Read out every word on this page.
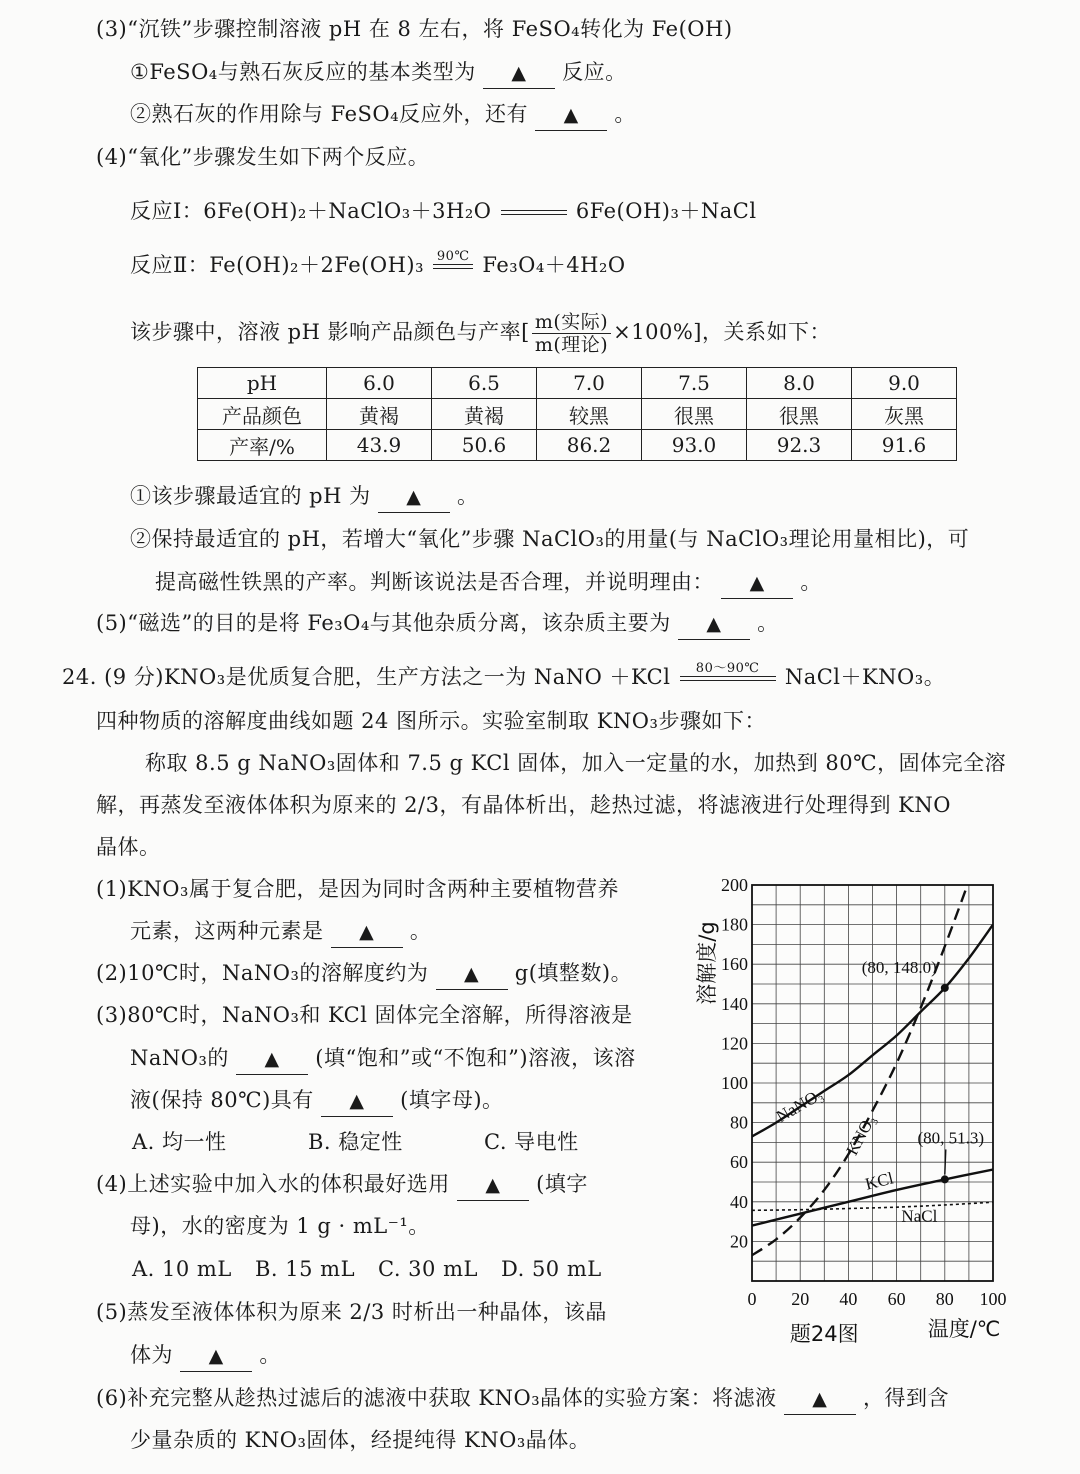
(3)“沉铁”步骤控制溶液 pH 在 8 左右，将 FeSO₄转化为 Fe(OH)
①FeSO₄与熟石灰反应的基本类型为 ▲ 反应。
②熟石灰的作用除与 FeSO₄反应外，还有 ▲ 。
(4)“氧化”步骤发生如下两个反应。
反应Ⅰ：6Fe(OH)₂＋NaClO₃＋3H₂O

	6Fe(OH)₃＋NaCl
反应Ⅱ：Fe(OH)₂＋2Fe(OH)₃ 90℃
Fe₃O₄＋4H₂O
该步骤中，溶液 pH 影响产品颜色与产率[ $\frac{\text{m(实际)}}{\text{m(理论)}} \times 100\%$]，关系如下：
pH	6.0	6.5	7.0	7.5	8.0	9.0
产品颜色	黄褐	黄褐	较黑	很黑	很黑	灰黑
产率/%	43.9	50.6	86.2	93.0	92.3	91.6
①该步骤最适宜的 pH 为 ▲ 。
②保持最适宜的 pH，若增大“氧化”步骤 NaClO₃的用量(与 NaClO₃理论用量相比)，可
提高磁性铁黑的产率。判断该说法是否合理，并说明理由： ▲ 。
(5)“磁选”的目的是将 Fe₃O₄与其他杂质分离，该杂质主要为 ▲ 。
24. (9 分)KNO₃是优质复合肥，生产方法之一为 NaNO ＋KCl 80～90℃
NaCl＋KNO₃。
四种物质的溶解度曲线如题 24 图所示。实验室制取 KNO₃步骤如下：
称取 8.5 g NaNO₃固体和 7.5 g KCl 固体，加入一定量的水，加热到 80℃，固体完全溶
解，再蒸发至液体体积为原来的 2/3，有晶体析出，趁热过滤，将滤液进行处理得到 KNO
晶体。
(1)KNO₃属于复合肥，是因为同时含两种主要植物营养
元素，这两种元素是 ▲ 。
(2)10℃时，NaNO₃的溶解度约为 ▲ g(填整数)。
(3)80℃时，NaNO₃和 KCl 固体完全溶解，所得溶液是
NaNO₃的 ▲ (填“饱和”或“不饱和”)溶液，该溶
液(保持 80℃)具有 ▲ (填字母)。
A. 均一性	B. 稳定性	C. 导电性
(4)上述实验中加入水的体积最好选用 ▲ (填字
母)，水的密度为 1 g · mL⁻¹。
A. 10 mL B. 15 mL C. 30 mL D. 50 mL
(5)蒸发至液体体积为原来 2/3 时析出一种晶体，该晶
体为 ▲ 。
(6)补充完整从趁热过滤后的滤液中获取 KNO₃晶体的实验方案：将滤液 ▲ ，得到含
少量杂质的 KNO₃固体，经提纯得 KNO₃晶体。
0 20 40 60 80 100
20
40
60
80
100
120
140
160
180
200
溶解度/g
温度/℃
题24图
NaNO₃
KNO₃
KCl
NaCl
(80, 148.0)
(80, 51.3)
